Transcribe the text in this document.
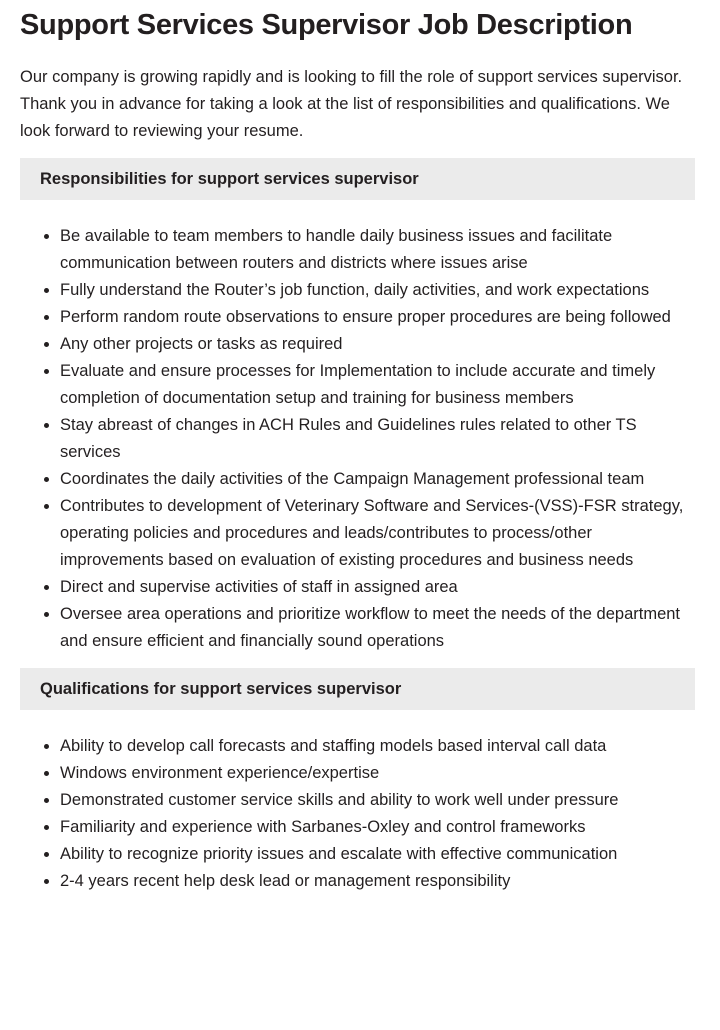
Support Services Supervisor Job Description

Our company is growing rapidly and is looking to fill the role of support services supervisor. Thank you in advance for taking a look at the list of responsibilities and qualifications. We look forward to reviewing your resume.

Responsibilities for support services supervisor
Be available to team members to handle daily business issues and facilitate communication between routers and districts where issues arise
Fully understand the Router’s job function, daily activities, and work expectations
Perform random route observations to ensure proper procedures are being followed
Any other projects or tasks as required
Evaluate and ensure processes for Implementation to include accurate and timely completion of documentation setup and training for business members
Stay abreast of changes in ACH Rules and Guidelines rules related to other TS services
Coordinates the daily activities of the Campaign Management professional team
Contributes to development of Veterinary Software and Services-(VSS)-FSR strategy, operating policies and procedures and leads/contributes to process/other improvements based on evaluation of existing procedures and business needs
Direct and supervise activities of staff in assigned area
Oversee area operations and prioritize workflow to meet the needs of the department and ensure efficient and financially sound operations
Qualifications for support services supervisor
Ability to develop call forecasts and staffing models based interval call data
Windows environment experience/expertise
Demonstrated customer service skills and ability to work well under pressure
Familiarity and experience with Sarbanes-Oxley and control frameworks
Ability to recognize priority issues and escalate with effective communication
2-4 years recent help desk lead or management responsibility
